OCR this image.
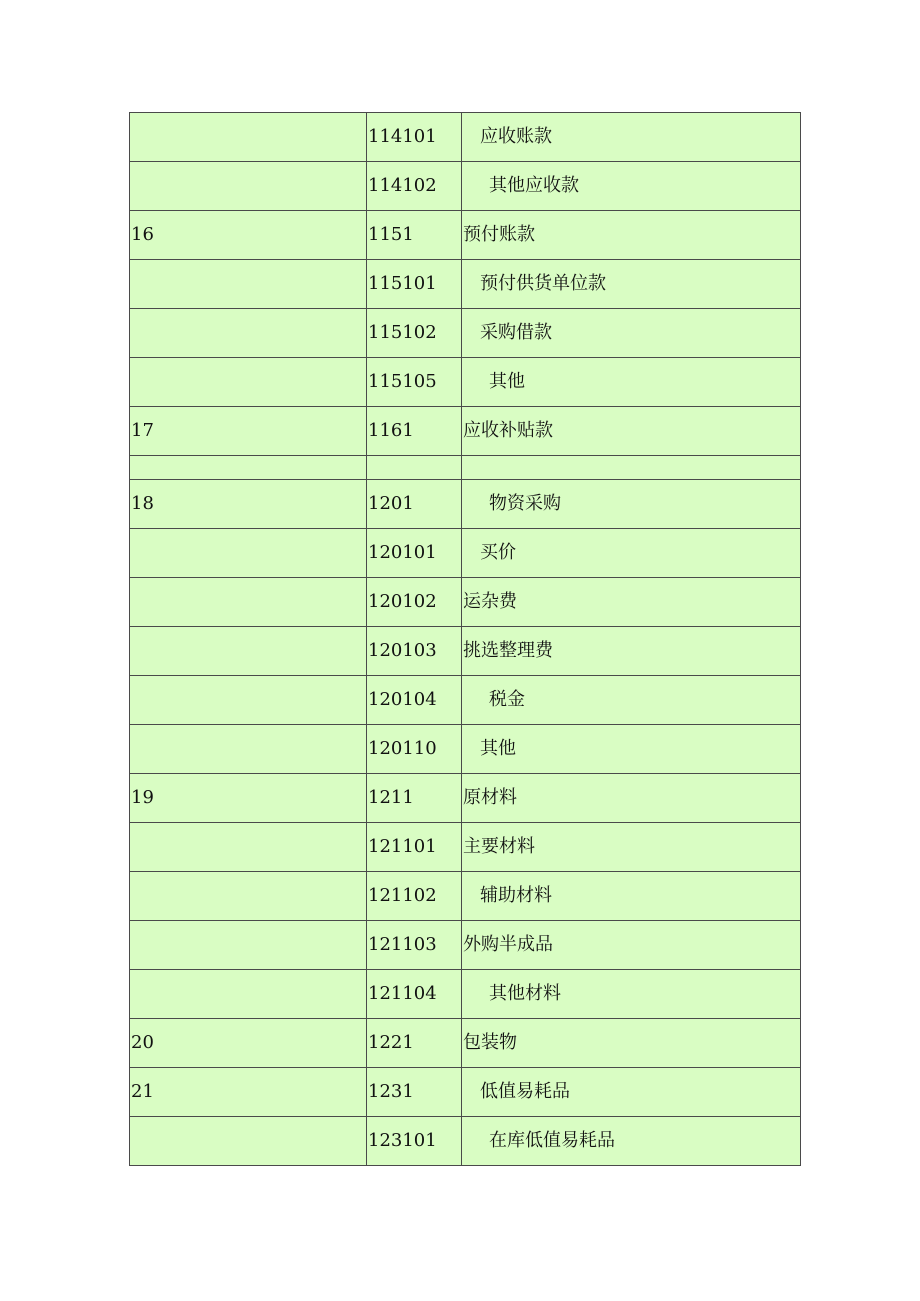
	114101	应收账款
	114102	其他应收款
16	1151	预付账款
	115101	预付供货单位款
	115102	采购借款
	115105	其他
17	1161	应收补贴款

18	1201	物资采购
	120101	买价
	120102	运杂费
	120103	挑选整理费
	120104	税金
	120110	其他
19	1211	原材料
	121101	主要材料
	121102	辅助材料
	121103	外购半成品
	121104	其他材料
20	1221	包装物
21	1231	低值易耗品
	123101	在库低值易耗品
